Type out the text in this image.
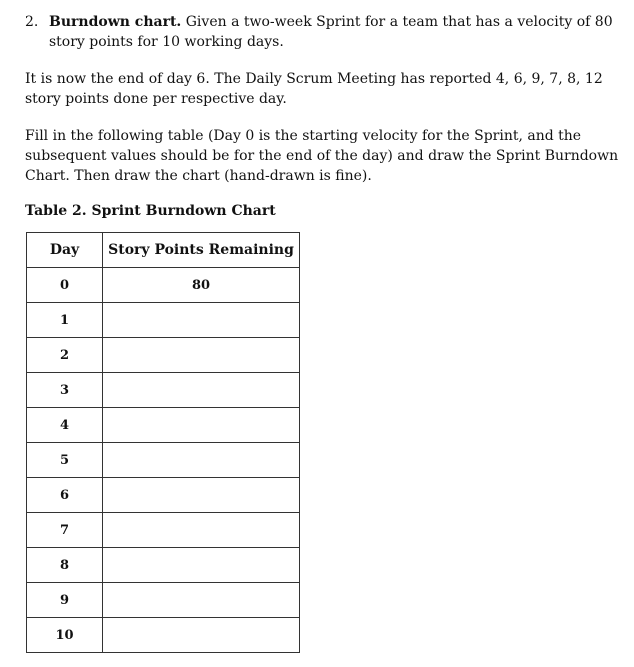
2. Burndown chart. Given a two-week Sprint for a team that has a velocity of 80
story points for 10 working days.

It is now the end of day 6. The Daily Scrum Meeting has reported 4, 6, 9, 7, 8, 12
story points done per respective day.

Fill in the following table (Day 0 is the starting velocity for the Sprint, and the
subsequent values should be for the end of the day) and draw the Sprint Burndown
Chart. Then draw the chart (hand-drawn is fine).

Table 2. Sprint Burndown Chart

Day	Story Points Remaining
0	80
1	
2	
3	
4	
5	
6	
7	
8	
9	
10	
